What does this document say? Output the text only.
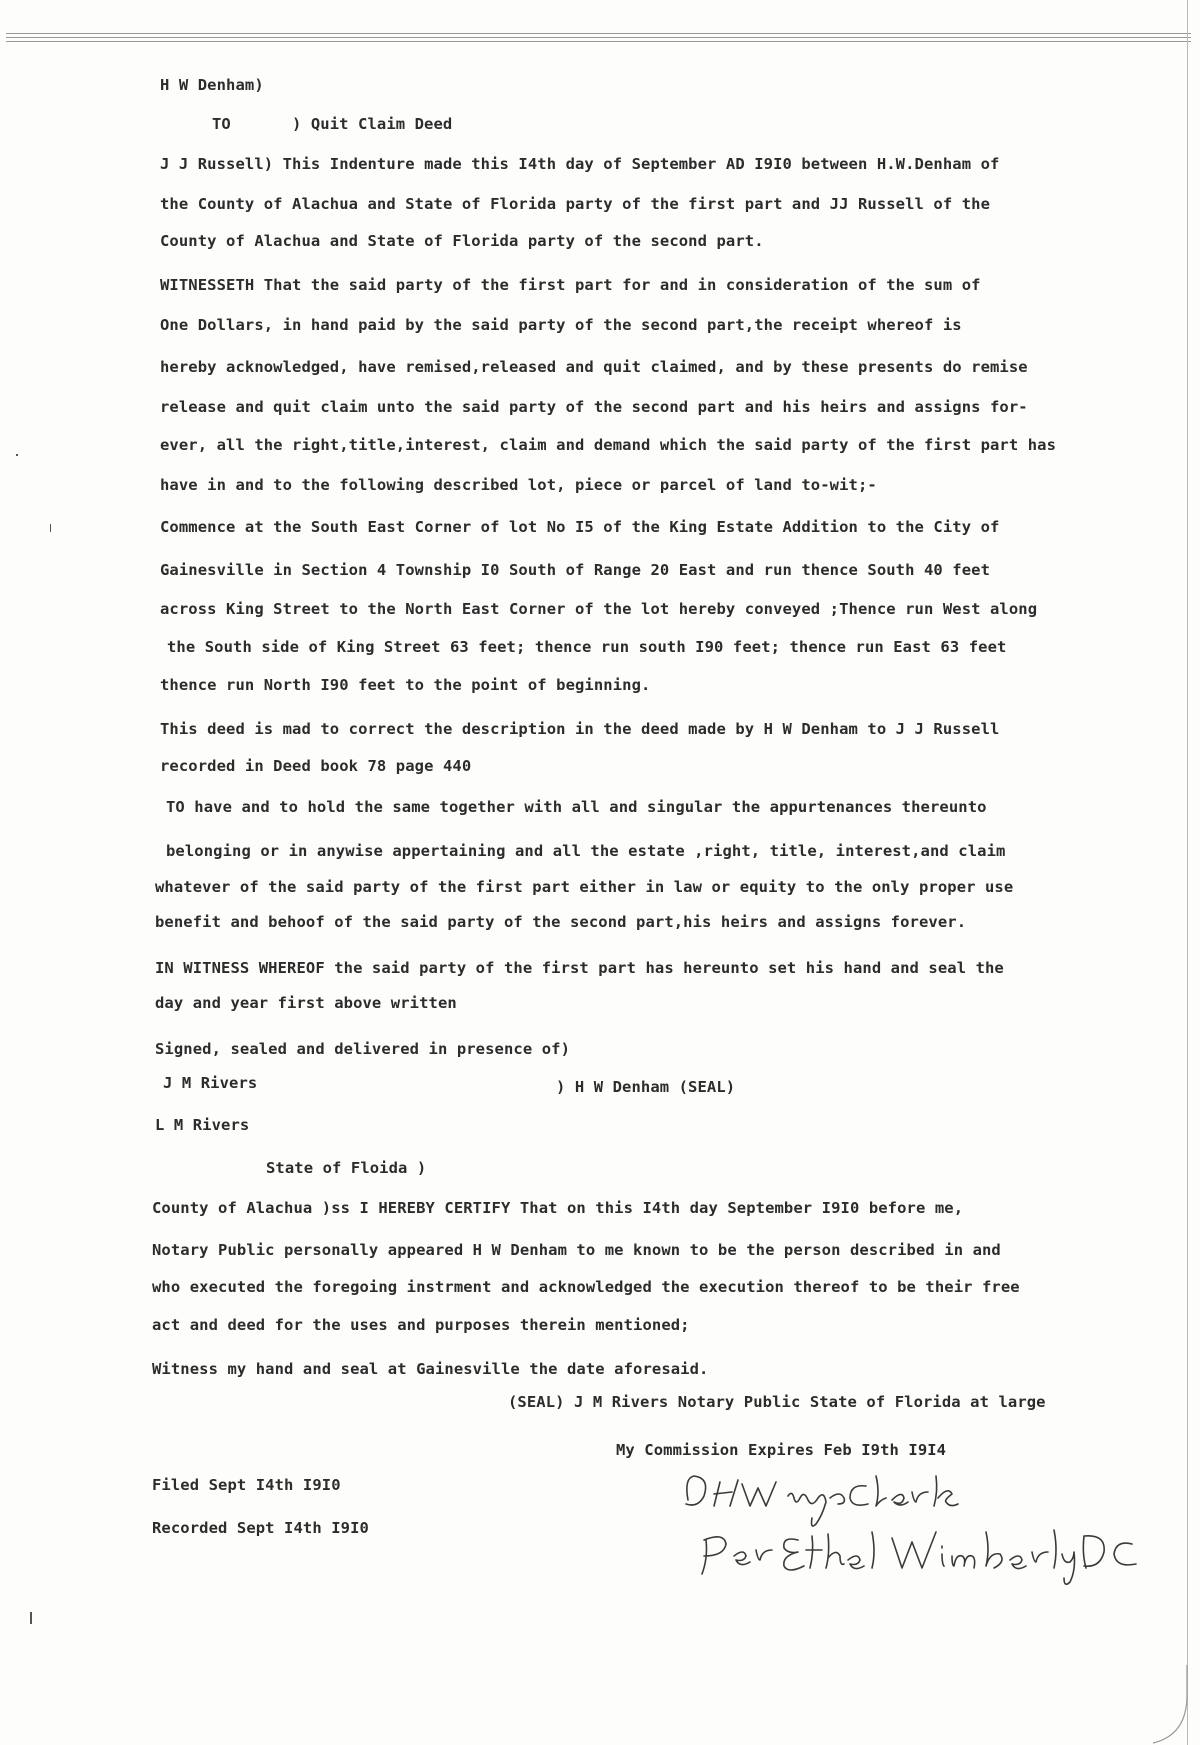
H W Denham)
TO	) Quit Claim Deed
J J Russell) This Indenture made this I4th day of September AD I9I0 between H.W.Denham of
the County of Alachua and State of Florida party of the first part and JJ Russell of the
County of Alachua and State of Florida party of the second part.
WITNESSETH That the said party of the first part for and in consideration of the sum of
One Dollars, in hand paid by the said party of the second part,the receipt whereof is
hereby acknowledged, have remised,released and quit claimed, and by these presents do remise
release and quit claim unto the said party of the second part and his heirs and assigns for-
ever, all the right,title,interest, claim and demand which the said party of the first part has
have in and to the following described lot, piece or parcel of land to-wit;-
Commence at the South East Corner of lot No I5 of the King Estate Addition to the City of
Gainesville in Section 4 Township I0 South of Range 20 East and run thence South 40 feet
across King Street to the North East Corner of the lot hereby conveyed ;Thence run West along
the South side of King Street 63 feet; thence run south I90 feet; thence run East 63 feet
thence run North I90 feet to the point of beginning.
This deed is mad to correct the description in the deed made by H W Denham to J J Russell
recorded in Deed book 78 page 440
TO have and to hold the same together with all and singular the appurtenances thereunto
belonging or in anywise appertaining and all the estate ,right, title, interest,and claim
whatever of the said party of the first part either in law or equity to the only proper use
benefit and behoof of the said party of the second part,his heirs and assigns forever.
IN WITNESS WHEREOF the said party of the first part has hereunto set his hand and seal the
day and year first above written
Signed, sealed and delivered in presence of)
J M Rivers	) H W Denham (SEAL)
L M Rivers
State of Floida )
County of Alachua )ss I HEREBY CERTIFY That on this I4th day September I9I0 before me,
Notary Public personally appeared H W Denham to me known to be the person described in and
who executed the foregoing instrment and acknowledged the execution thereof to be their free
act and deed for the uses and purposes therein mentioned;
Witness my hand and seal at Gainesville the date aforesaid.
(SEAL) J M Rivers Notary Public State of Florida at large
My Commission Expires Feb I9th I9I4
Filed Sept I4th I9I0
Recorded Sept I4th I9I0
